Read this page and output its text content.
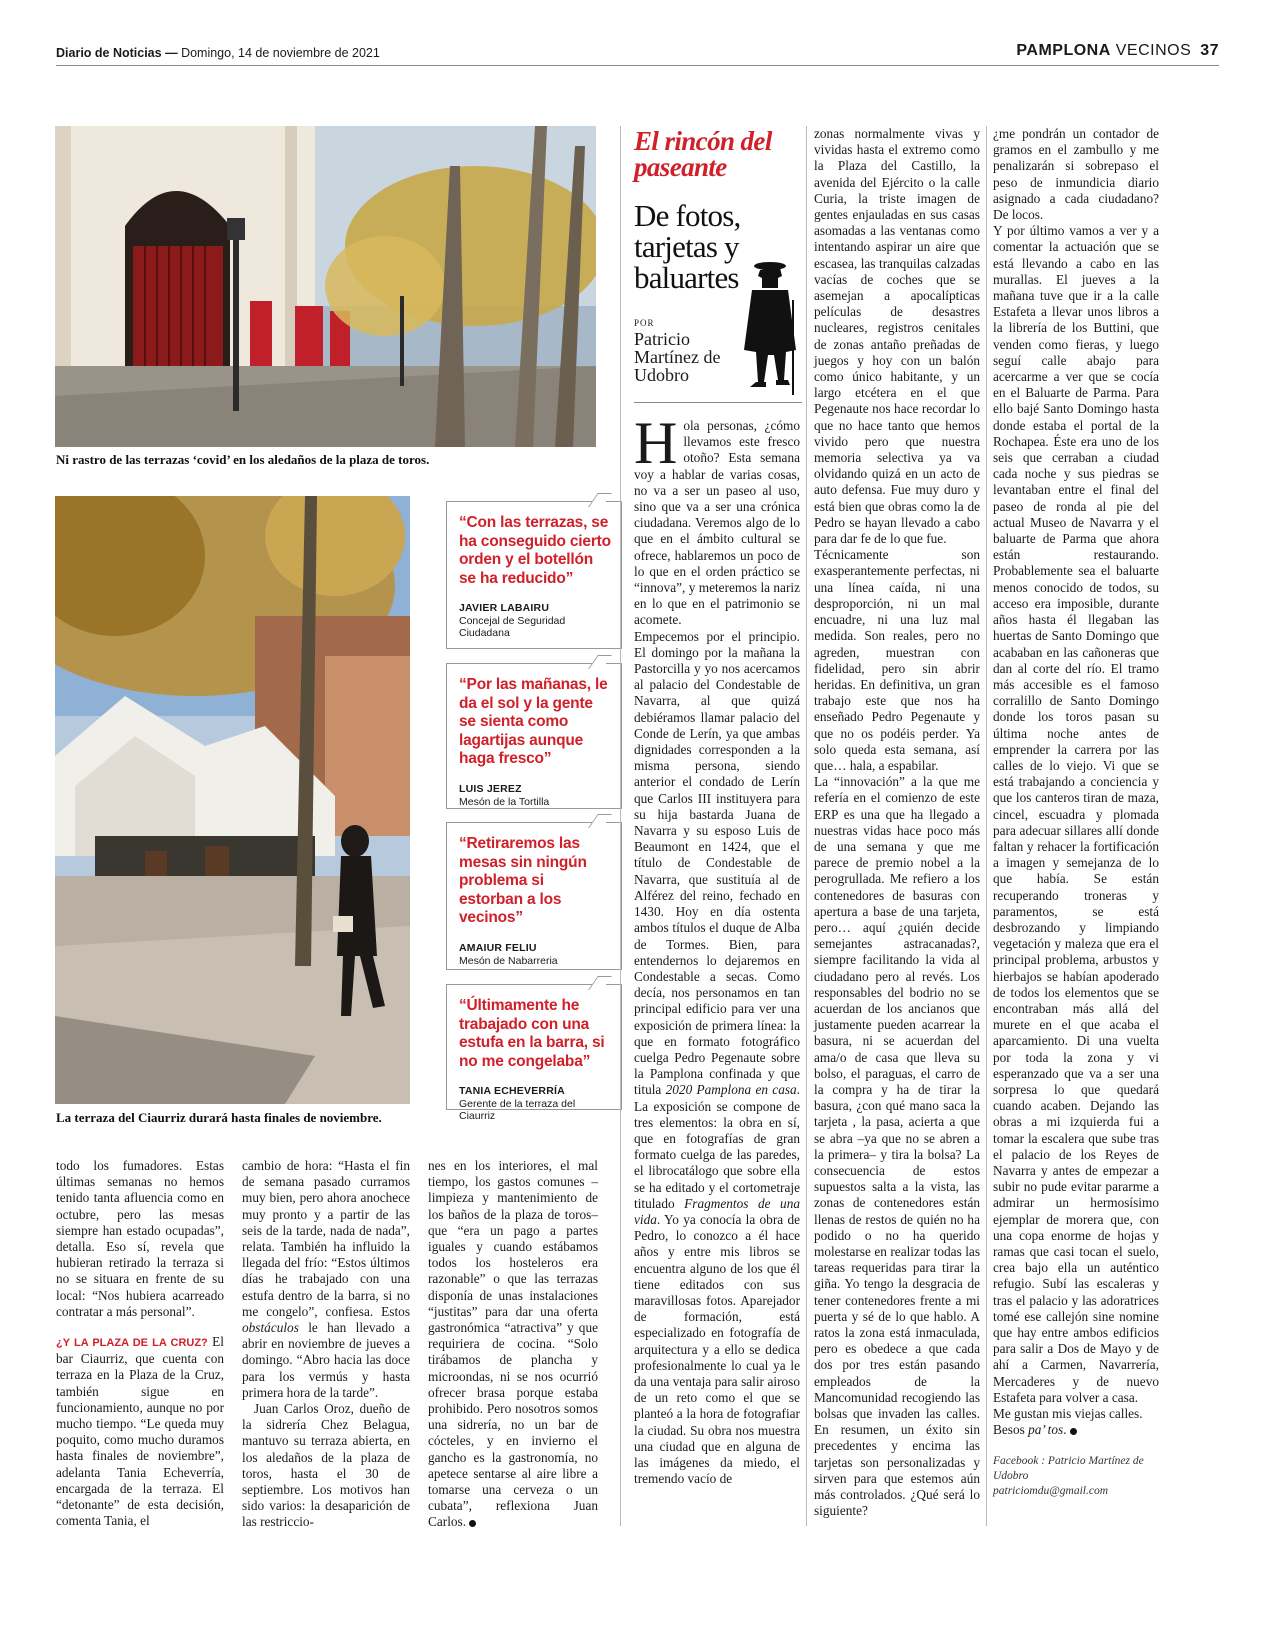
Diario de Noticias — Domingo, 14 de noviembre de 2021	PAMPLONA VECINOS 37
Ni rastro de las terrazas ‘covid’ en los aledaños de la plaza de toros.
La terraza del Ciaurriz durará hasta finales de noviembre.
“Con las terrazas, se ha conseguido cierto orden y el botellón se ha reducido”
JAVIER LABAIRU
Concejal de Seguridad Ciudadana
“Por las mañanas, le da el sol y la gente se sienta como lagartijas aunque haga fresco”
LUIS JEREZ
Mesón de la Tortilla
“Retiraremos las mesas sin ningún problema si estorban a los vecinos”
AMAIUR FELIU
Mesón de Nabarreria
“Últimamente he trabajado con una estufa en la barra, si no me congelaba”
TANIA ECHEVERRÍA
Gerente de la terraza del Ciaurriz

todo los fumadores. Estas últimas semanas no hemos tenido tanta afluencia como en octubre, pero las mesas siempre han estado ocupadas”, detalla. Eso sí, revela que hubieran retirado la terraza si no se situara en frente de su local: “Nos hubiera acarreado contratar a más personal”.

¿Y LA PLAZA DE LA CRUZ? El bar Ciaurriz, que cuenta con terraza en la Plaza de la Cruz, también sigue en funcionamiento, aunque no por mucho tiempo. “Le queda muy poquito, como mucho duramos hasta finales de noviembre”, adelanta Tania Echeverría, encargada de la terraza. El “detonante” de esta decisión, comenta Tania, el

cambio de hora: “Hasta el fin de semana pasado curramos muy bien, pero ahora anochece muy pronto y a partir de las seis de la tarde, nada de nada”, relata. También ha influido la llegada del frío: “Estos últimos días he trabajado con una estufa dentro de la barra, si no me congelo”, confiesa. Estos obstáculos le han llevado a abrir en noviembre de jueves a domingo. “Abro hacia las doce para los vermús y hasta primera hora de la tarde”.

Juan Carlos Oroz, dueño de la sidrería Chez Belagua, mantuvo su terraza abierta, en los aledaños de la plaza de toros, hasta el 30 de septiembre. Los motivos han sido varios: la desaparición de las restriccio-

nes en los interiores, el mal tiempo, los gastos comunes –limpieza y mantenimiento de los baños de la plaza de toros– que “era un pago a partes iguales y cuando estábamos todos los hosteleros era razonable” o que las terrazas disponía de unas instalaciones “justitas” para dar una oferta gastronómica “atractiva” y que requiriera de cocina. “Solo tirábamos de plancha y microondas, ni se nos ocurrió ofrecer brasa porque estaba prohibido. Pero nosotros somos una sidrería, no un bar de cócteles, y en invierno el gancho es la gastronomía, no apetece sentarse al aire libre a tomarse una cerveza o un cubata”, reflexiona Juan Carlos.

El rincón del paseante
De fotos, tarjetas y baluartes
POR
Patricio Martínez de Udobro

Hola personas, ¿cómo llevamos este fresco otoño? Esta semana voy a hablar de varias cosas, no va a ser un paseo al uso, sino que va a ser una crónica ciudadana. Veremos algo de lo que en el ámbito cultural se ofrece, hablaremos un poco de lo que en el orden práctico se “innova”, y meteremos la nariz en lo que en el patrimonio se acomete.

Empecemos por el principio. El domingo por la mañana la Pastorcilla y yo nos acercamos al palacio del Condestable de Navarra, al que quizá debiéramos llamar palacio del Conde de Lerín, ya que ambas dignidades corresponden a la misma persona, siendo anterior el condado de Lerín que Carlos III instituyera para su hija bastarda Juana de Navarra y su esposo Luis de Beaumont en 1424, que el título de Condestable de Navarra, que sustituía al de Alférez del reino, fechado en 1430. Hoy en día ostenta ambos títulos el duque de Alba de Tormes. Bien, para entendernos lo dejaremos en Condestable a secas. Como decía, nos personamos en tan principal edificio para ver una exposición de primera línea: la que en formato fotográfico cuelga Pedro Pegenaute sobre la Pamplona confinada y que titula 2020 Pamplona en casa. La exposición se compone de tres elementos: la obra en sí, que en fotografías de gran formato cuelga de las paredes, el librocatálogo que sobre ella se ha editado y el cortometraje titulado Fragmentos de una vida. Yo ya conocía la obra de Pedro, lo conozco a él hace años y entre mis libros se encuentra alguno de los que él tiene editados con sus maravillosas fotos. Aparejador de formación, está especializado en fotografía de arquitectura y a ello se dedica profesionalmente lo cual ya le da una ventaja para salir airoso de un reto como el que se planteó a la hora de fotografiar la ciudad. Su obra nos muestra una ciudad que en alguna de las imágenes da miedo, el tremendo vacío de

zonas normalmente vivas y vividas hasta el extremo como la Plaza del Castillo, la avenida del Ejército o la calle Curia, la triste imagen de gentes enjauladas en sus casas asomadas a las ventanas como intentando aspirar un aire que escasea, las tranquilas calzadas vacías de coches que se asemejan a apocalípticas películas de desastres nucleares, registros cenitales de zonas antaño preñadas de juegos y hoy con un balón como único habitante, y un largo etcétera en el que Pegenaute nos hace recordar lo que no hace tanto que hemos vivido pero que nuestra memoria selectiva ya va olvidando quizá en un acto de auto defensa. Fue muy duro y está bien que obras como la de Pedro se hayan llevado a cabo para dar fe de lo que fue.

Técnicamente son exasperantemente perfectas, ni una línea caída, ni una desproporción, ni un mal encuadre, ni una luz mal medida. Son reales, pero no agreden, muestran con fidelidad, pero sin abrir heridas. En definitiva, un gran trabajo este que nos ha enseñado Pedro Pegenaute y que no os podéis perder. Ya solo queda esta semana, así que… hala, a espabilar.

La “innovación” a la que me refería en el comienzo de este ERP es una que ha llegado a nuestras vidas hace poco más de una semana y que me parece de premio nobel a la perogrullada. Me refiero a los contenedores de basuras con apertura a base de una tarjeta, pero… aquí ¿quién decide semejantes astracanadas?, siempre facilitando la vida al ciudadano pero al revés. Los responsables del bodrio no se acuerdan de los ancianos que justamente pueden acarrear la basura, ni se acuerdan del ama/o de casa que lleva su bolso, el paraguas, el carro de la compra y ha de tirar la basura, ¿con qué mano saca la tarjeta , la pasa, acierta a que se abra –ya que no se abren a la primera– y tira la bolsa? La consecuencia de estos supuestos salta a la vista, las zonas de contenedores están llenas de restos de quién no ha podido o no ha querido molestarse en realizar todas las tareas requeridas para tirar la giña. Yo tengo la desgracia de tener contenedores frente a mi puerta y sé de lo que hablo. A ratos la zona está inmaculada, pero es obedece a que cada dos por tres están pasando empleados de la Mancomunidad recogiendo las bolsas que invaden las calles. En resumen, un éxito sin precedentes y encima las tarjetas son personalizadas y sirven para que estemos aún más controlados. ¿Qué será lo siguiente?

¿me pondrán un contador de gramos en el zambullo y me penalizarán si sobrepaso el peso de inmundicia diario asignado a cada ciudadano? De locos.

Y por último vamos a ver y a comentar la actuación que se está llevando a cabo en las murallas. El jueves a la mañana tuve que ir a la calle Estafeta a llevar unos libros a la librería de los Buttini, que venden como fieras, y luego seguí calle abajo para acercarme a ver que se cocía en el Baluarte de Parma. Para ello bajé Santo Domingo hasta donde estaba el portal de la Rochapea. Éste era uno de los seis que cerraban a ciudad cada noche y sus piedras se levantaban entre el final del paseo de ronda al pie del actual Museo de Navarra y el baluarte de Parma que ahora están restaurando. Probablemente sea el baluarte menos conocido de todos, su acceso era imposible, durante años hasta él llegaban las huertas de Santo Domingo que acababan en las cañoneras que dan al corte del río. El tramo más accesible es el famoso corralillo de Santo Domingo donde los toros pasan su última noche antes de emprender la carrera por las calles de lo viejo. Vi que se está trabajando a conciencia y que los canteros tiran de maza, cincel, escuadra y plomada para adecuar sillares allí donde faltan y rehacer la fortificación a imagen y semejanza de lo que había. Se están recuperando troneras y paramentos, se está desbrozando y limpiando vegetación y maleza que era el principal problema, arbustos y hierbajos se habían apoderado de todos los elementos que se encontraban más allá del murete en el que acaba el aparcamiento. Di una vuelta por toda la zona y vi esperanzado que va a ser una sorpresa lo que quedará cuando acaben. Dejando las obras a mi izquierda fui a tomar la escalera que sube tras el palacio de los Reyes de Navarra y antes de empezar a subir no pude evitar pararme a admirar un hermosísimo ejemplar de morera que, con una copa enorme de hojas y ramas que casi tocan el suelo, crea bajo ella un auténtico refugio. Subí las escaleras y tras el palacio y las adoratrices tomé ese callejón sine nomine que hay entre ambos edificios para salir a Dos de Mayo y de ahí a Carmen, Navarrería, Mercaderes y de nuevo Estafeta para volver a casa.

Me gustan mis viejas calles. Besos pa’ tos.

Facebook : Patricio Martínez de Udobro

patriciomdu@gmail.com
